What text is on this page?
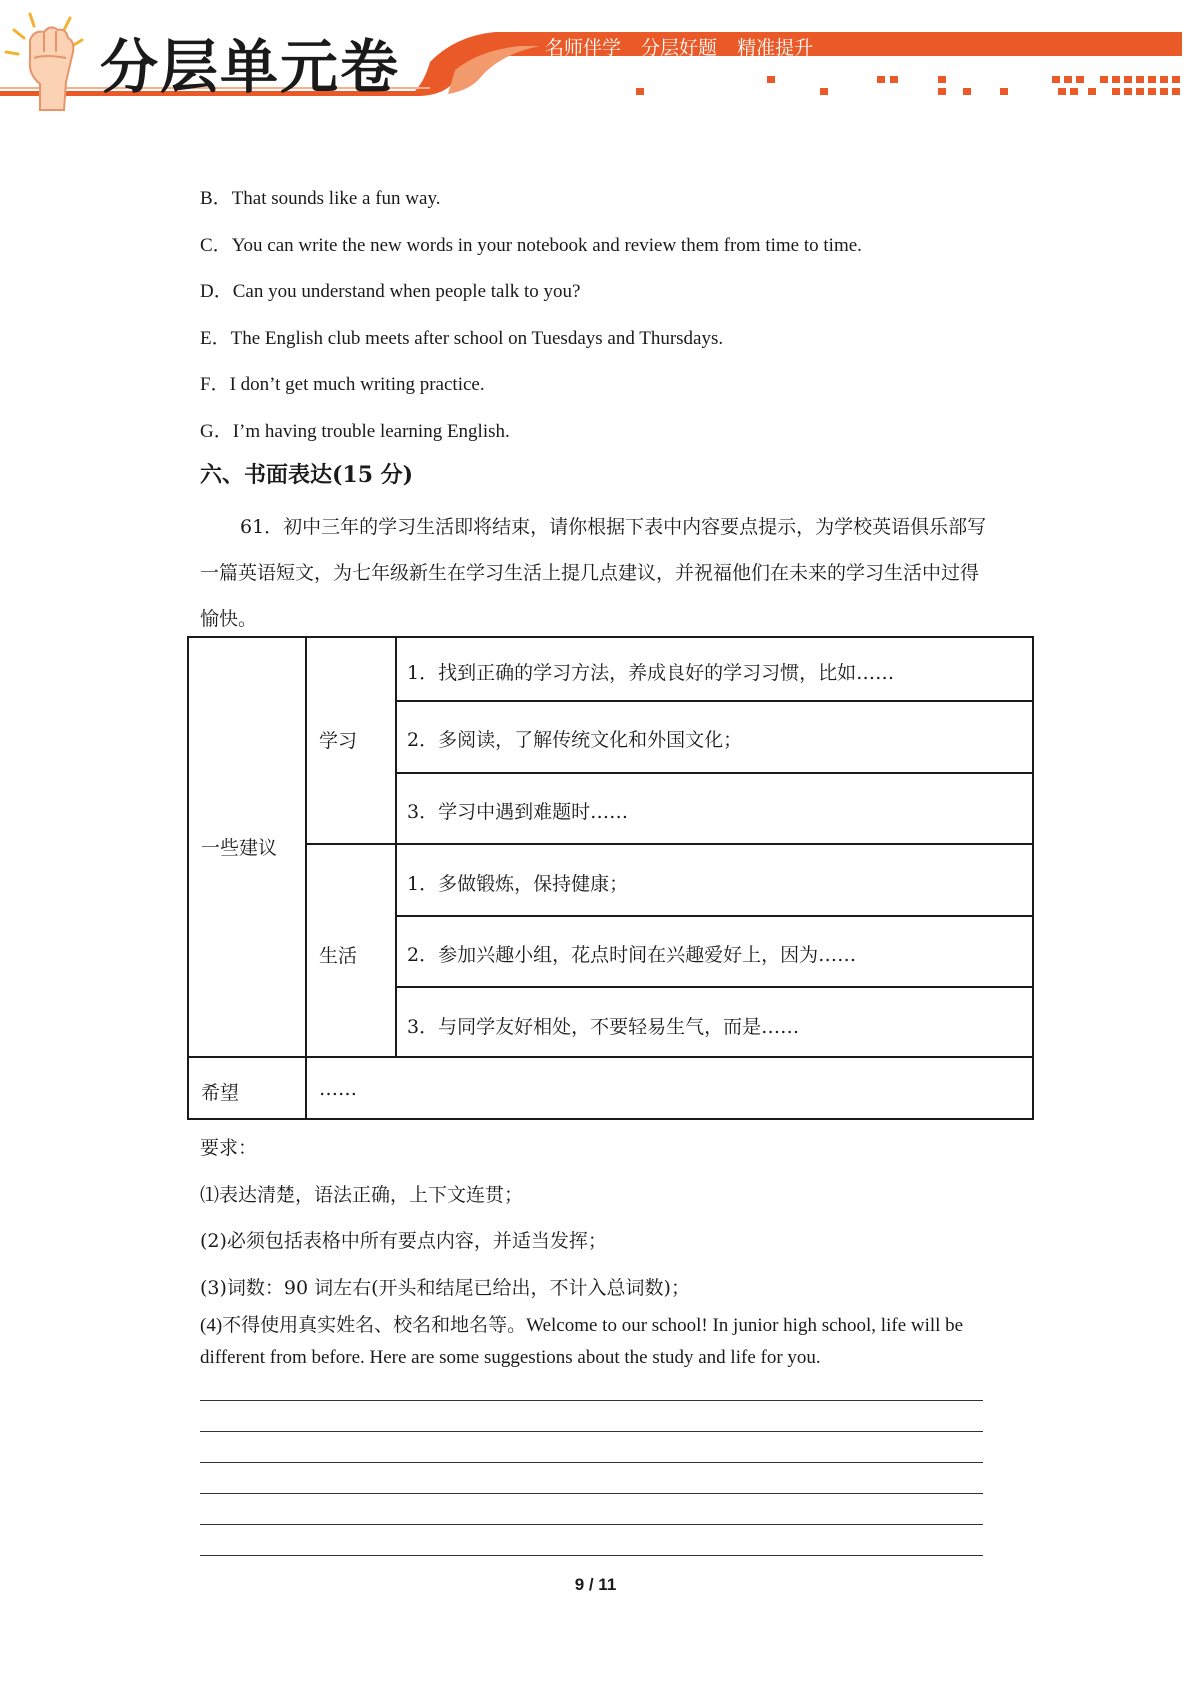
分层单元卷	名师伴学 分层好题 精准提升
B．That sounds like a fun way.
C．You can write the new words in your notebook and review them from time to time.
D．Can you understand when people talk to you?
E．The English club meets after school on Tuesdays and Thursdays.
F．I don’t get much writing practice.
G．I’m having trouble learning English.
六、书面表达(15 分)
61．初中三年的学习生活即将结束，请你根据下表中内容要点提示，为学校英语俱乐部写一篇英语短文，为七年级新生在学习生活上提几点建议，并祝福他们在未来的学习生活中过得愉快。
一些建议
学习
生活
希望	……
1．找到正确的学习方法，养成良好的学习习惯，比如……
2．多阅读，了解传统文化和外国文化；
3．学习中遇到难题时……
1．多做锻炼，保持健康；
2．参加兴趣小组，花点时间在兴趣爱好上，因为……
3．与同学友好相处，不要轻易生气，而是……
要求：
⑴表达清楚，语法正确，上下文连贯；
(2)必须包括表格中所有要点内容，并适当发挥；
(3)词数：90 词左右(开头和结尾已给出，不计入总词数)；
(4)不得使用真实姓名、校名和地名等。Welcome to our school! In junior high school, life will be different from before. Here are some suggestions about the study and life for you.
9 / 11
